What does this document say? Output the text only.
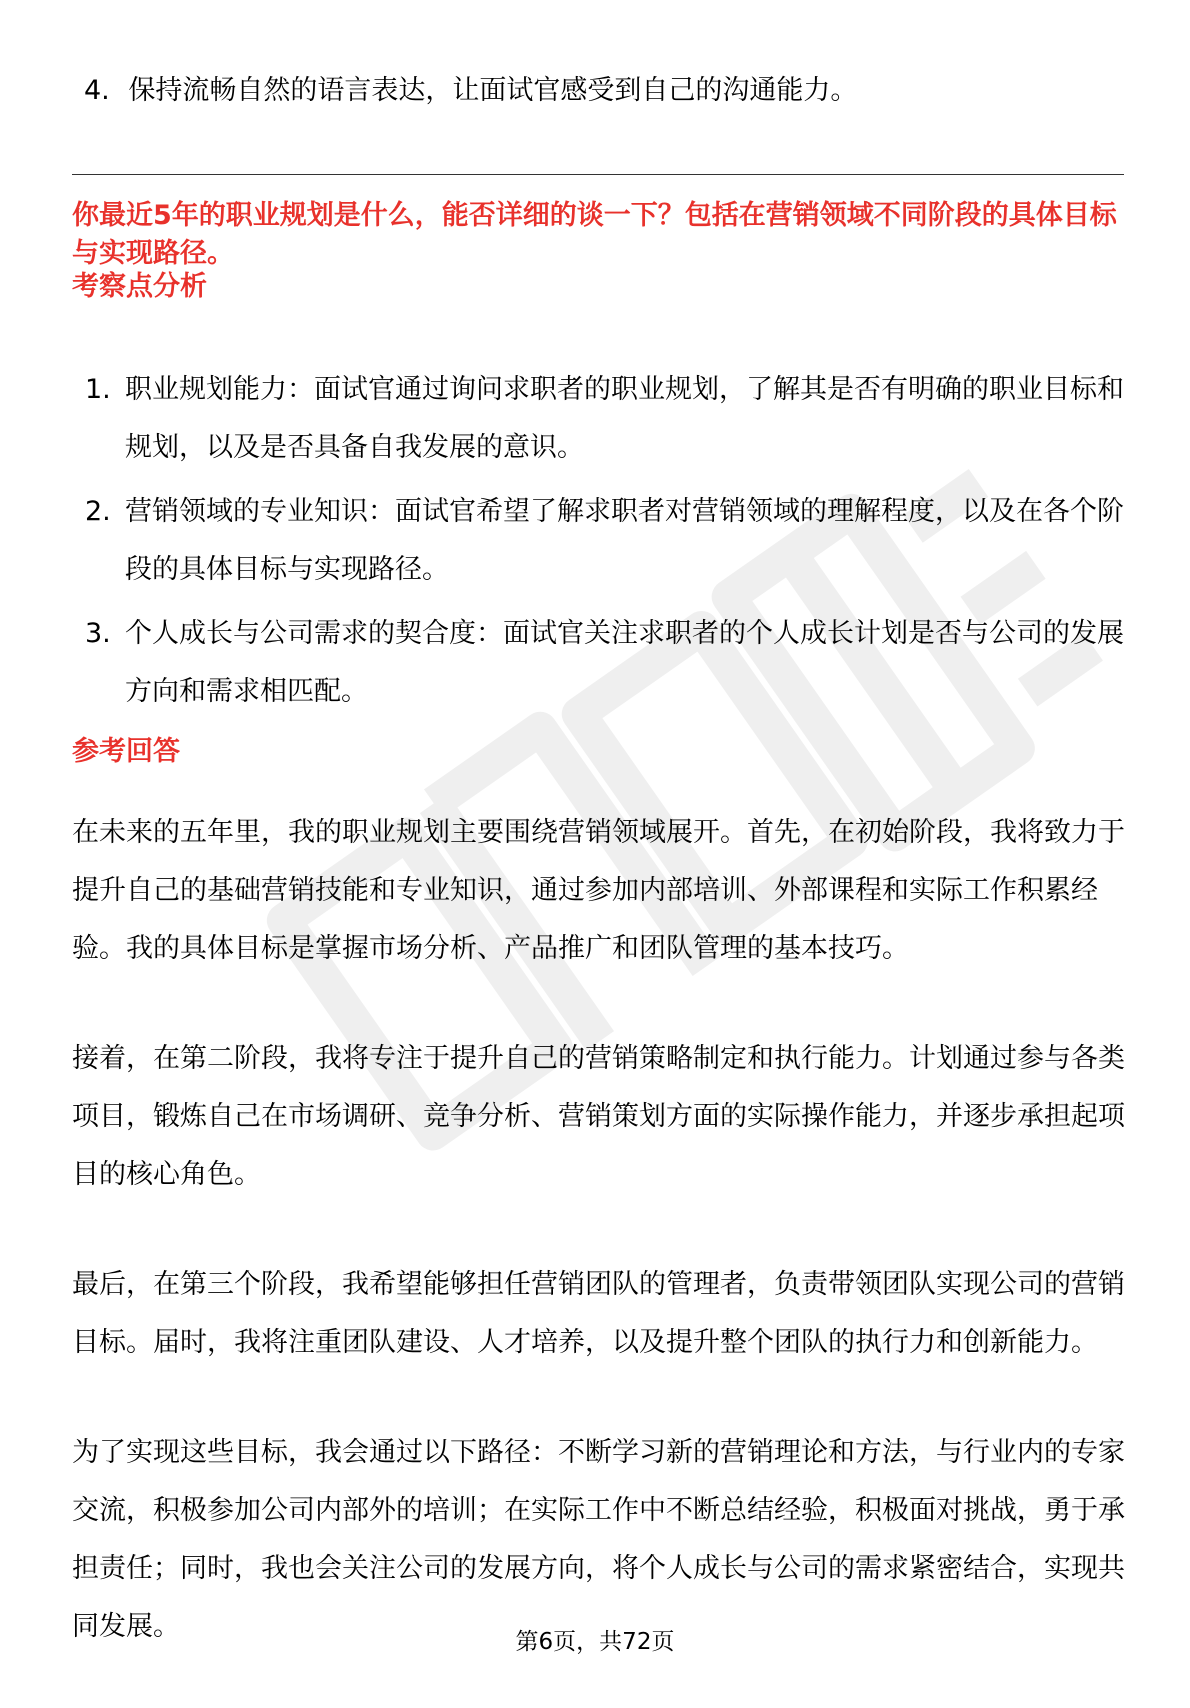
4. 保持流畅自然的语言表达，让面试官感受到自己的沟通能力。
你最近5年的职业规划是什么，能否详细的谈一下？包括在营销领域不同阶段的具体目标与实现路径。
考察点分析
1. 职业规划能力：面试官通过询问求职者的职业规划，了解其是否有明确的职业目标和规划，以及是否具备自我发展的意识。
2. 营销领域的专业知识：面试官希望了解求职者对营销领域的理解程度，以及在各个阶段的具体目标与实现路径。
3. 个人成长与公司需求的契合度：面试官关注求职者的个人成长计划是否与公司的发展方向和需求相匹配。
参考回答

在未来的五年里，我的职业规划主要围绕营销领域展开。首先，在初始阶段，我将致力于提升自己的基础营销技能和专业知识，通过参加内部培训、外部课程和实际工作积累经验。我的具体目标是掌握市场分析、产品推广和团队管理的基本技巧。

接着，在第二阶段，我将专注于提升自己的营销策略制定和执行能力。计划通过参与各类项目，锻炼自己在市场调研、竞争分析、营销策划方面的实际操作能力，并逐步承担起项目的核心角色。

最后，在第三个阶段，我希望能够担任营销团队的管理者，负责带领团队实现公司的营销目标。届时，我将注重团队建设、人才培养，以及提升整个团队的执行力和创新能力。

为了实现这些目标，我会通过以下路径：不断学习新的营销理论和方法，与行业内的专家交流，积极参加公司内部外的培训；在实际工作中不断总结经验，积极面对挑战，勇于承担责任；同时，我也会关注公司的发展方向，将个人成长与公司的需求紧密结合，实现共同发展。	第6页，共72页
